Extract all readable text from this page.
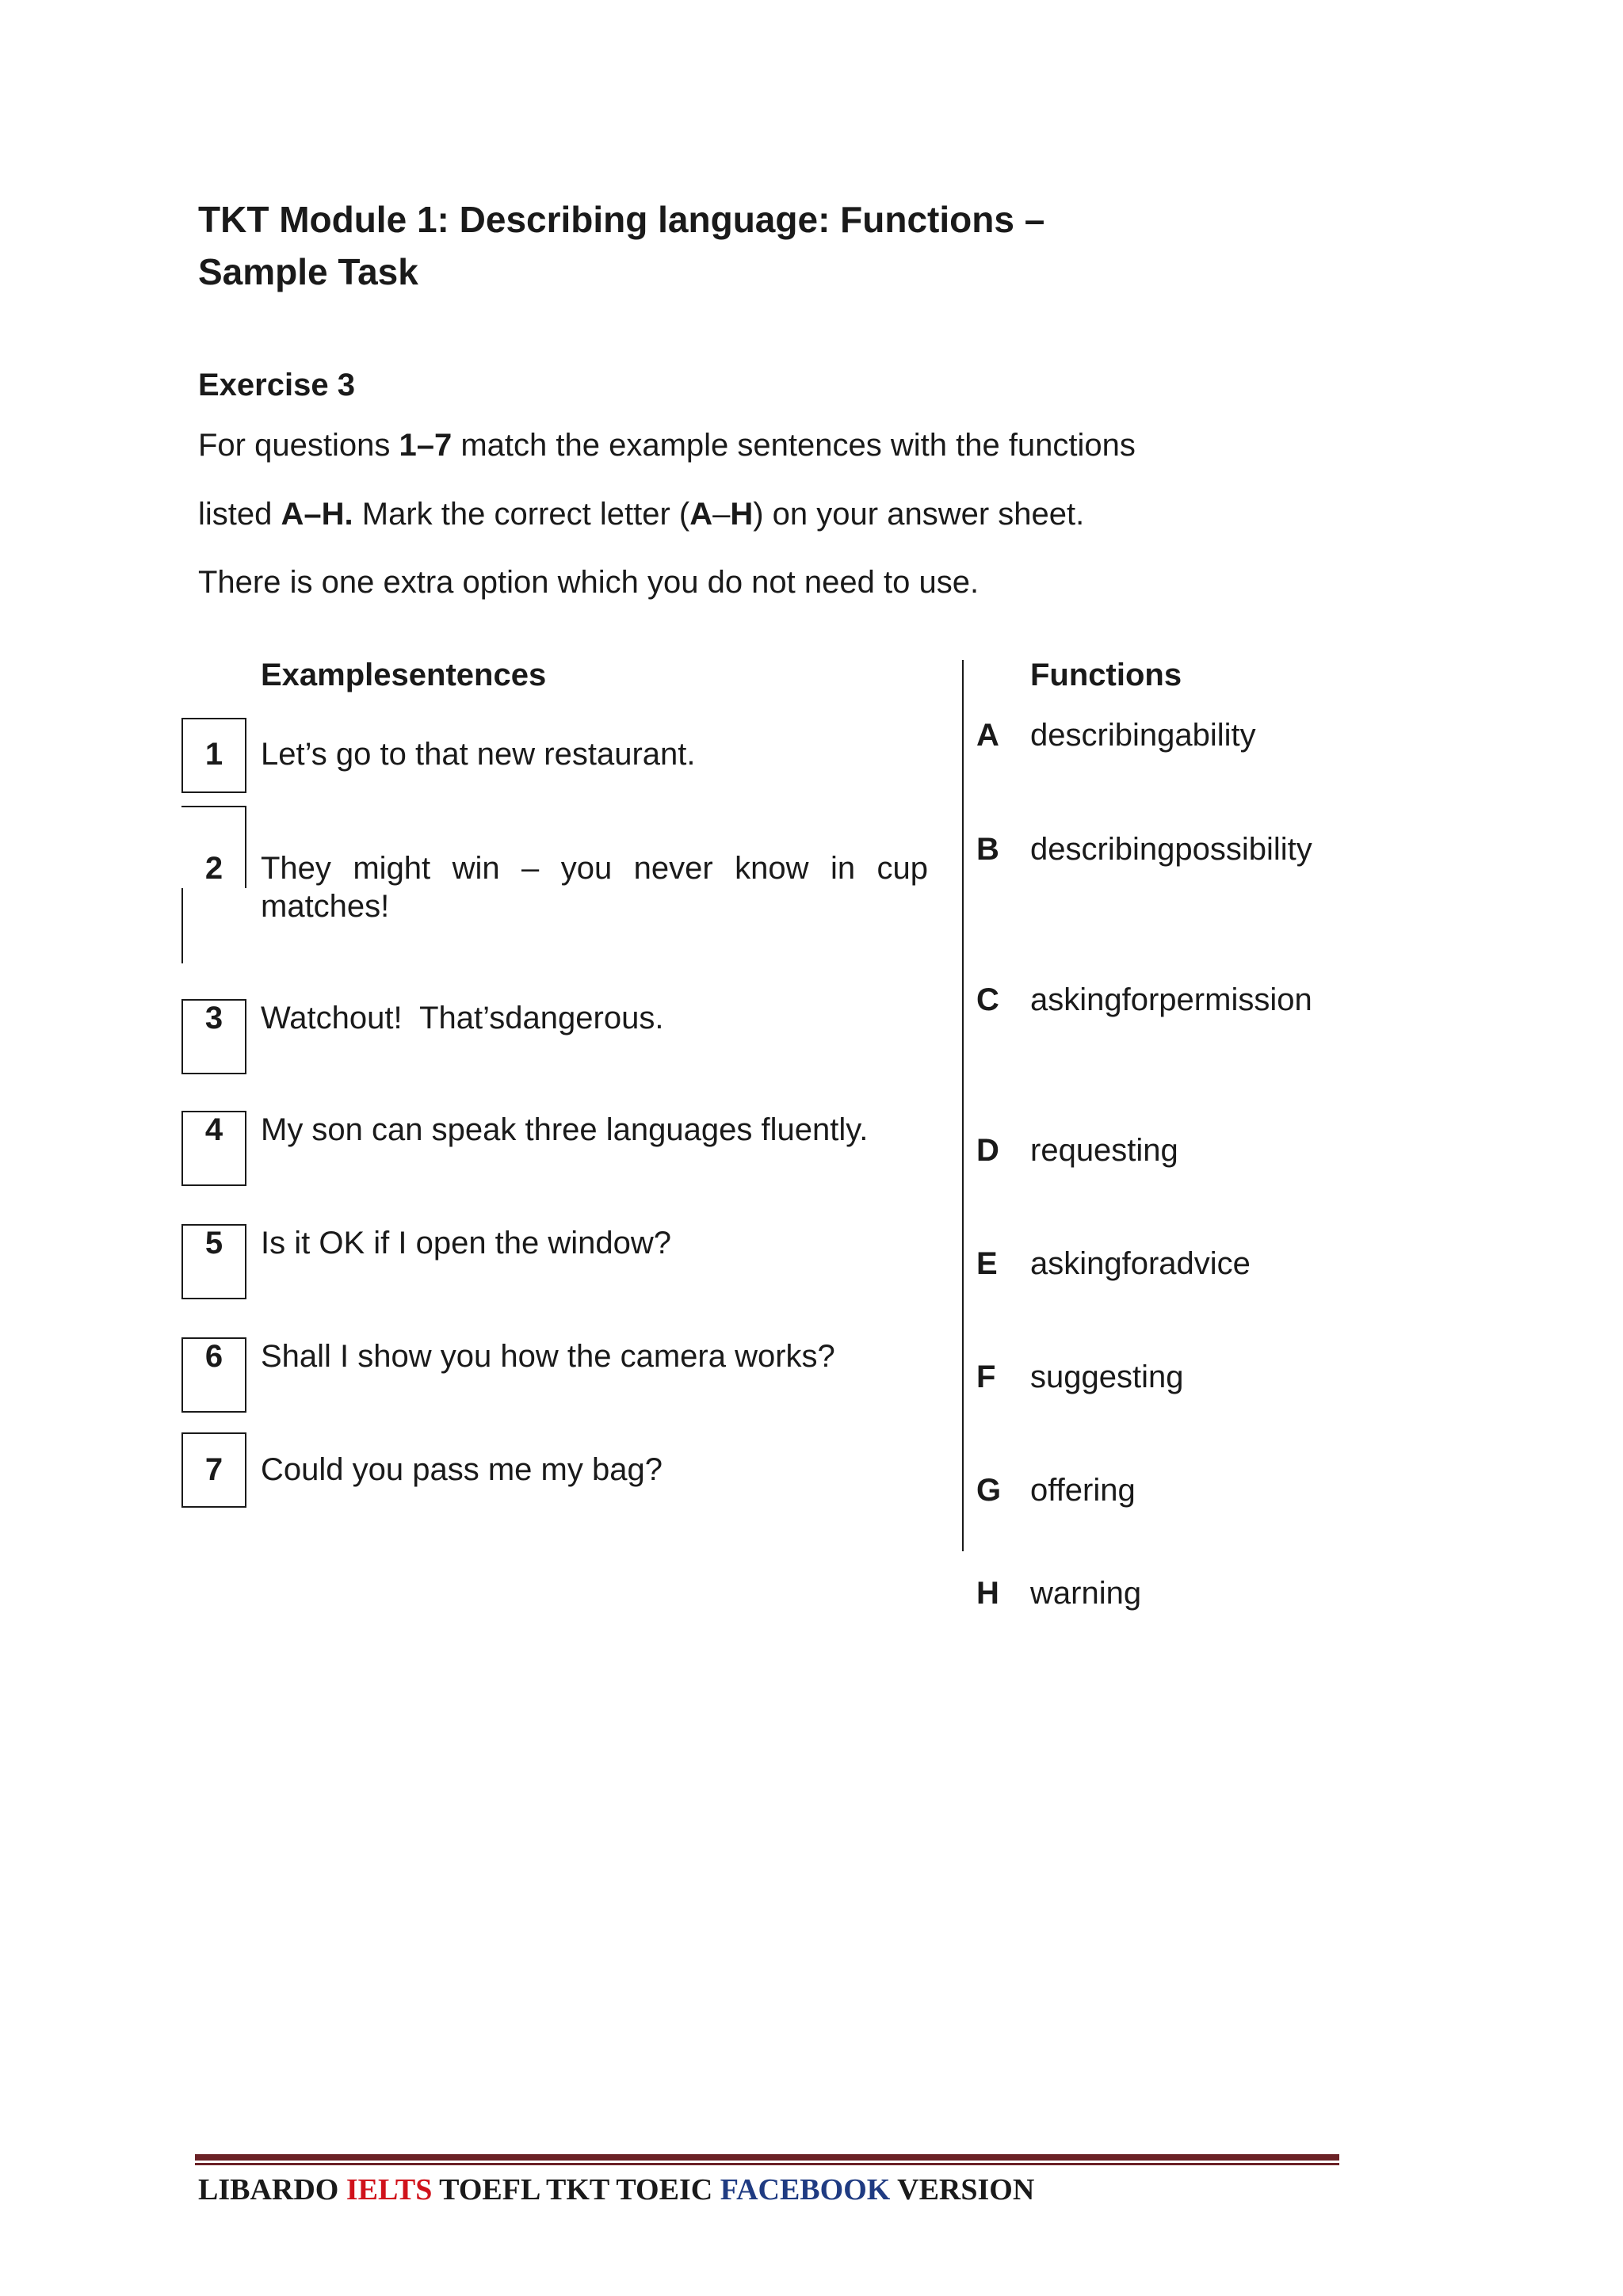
TKT Module 1: Describing language: Functions –
Sample Task
Exercise 3

For questions 1–7 match the example sentences with the functions

listed A–H. Mark the correct letter (A–H) on your answer sheet.

There is one extra option which you do not need to use.

Examplesentences	Functions
1	Let’s go to that new restaurant.

2	They might win – you never know in cup matches!

3	Watchout!  That’sdangerous.

4	My son can speak three languages fluently.

5	Is it OK if I open the window?

6	Shall I show you how the camera works?

7	Could you pass me my bag?

A describingability
B describingpossibility
C askingforpermission
D requesting
E askingforadvice
F suggesting
G offering
H warning
LIBARDO IELTS TOEFL TKT TOEIC FACEBOOK VERSION
